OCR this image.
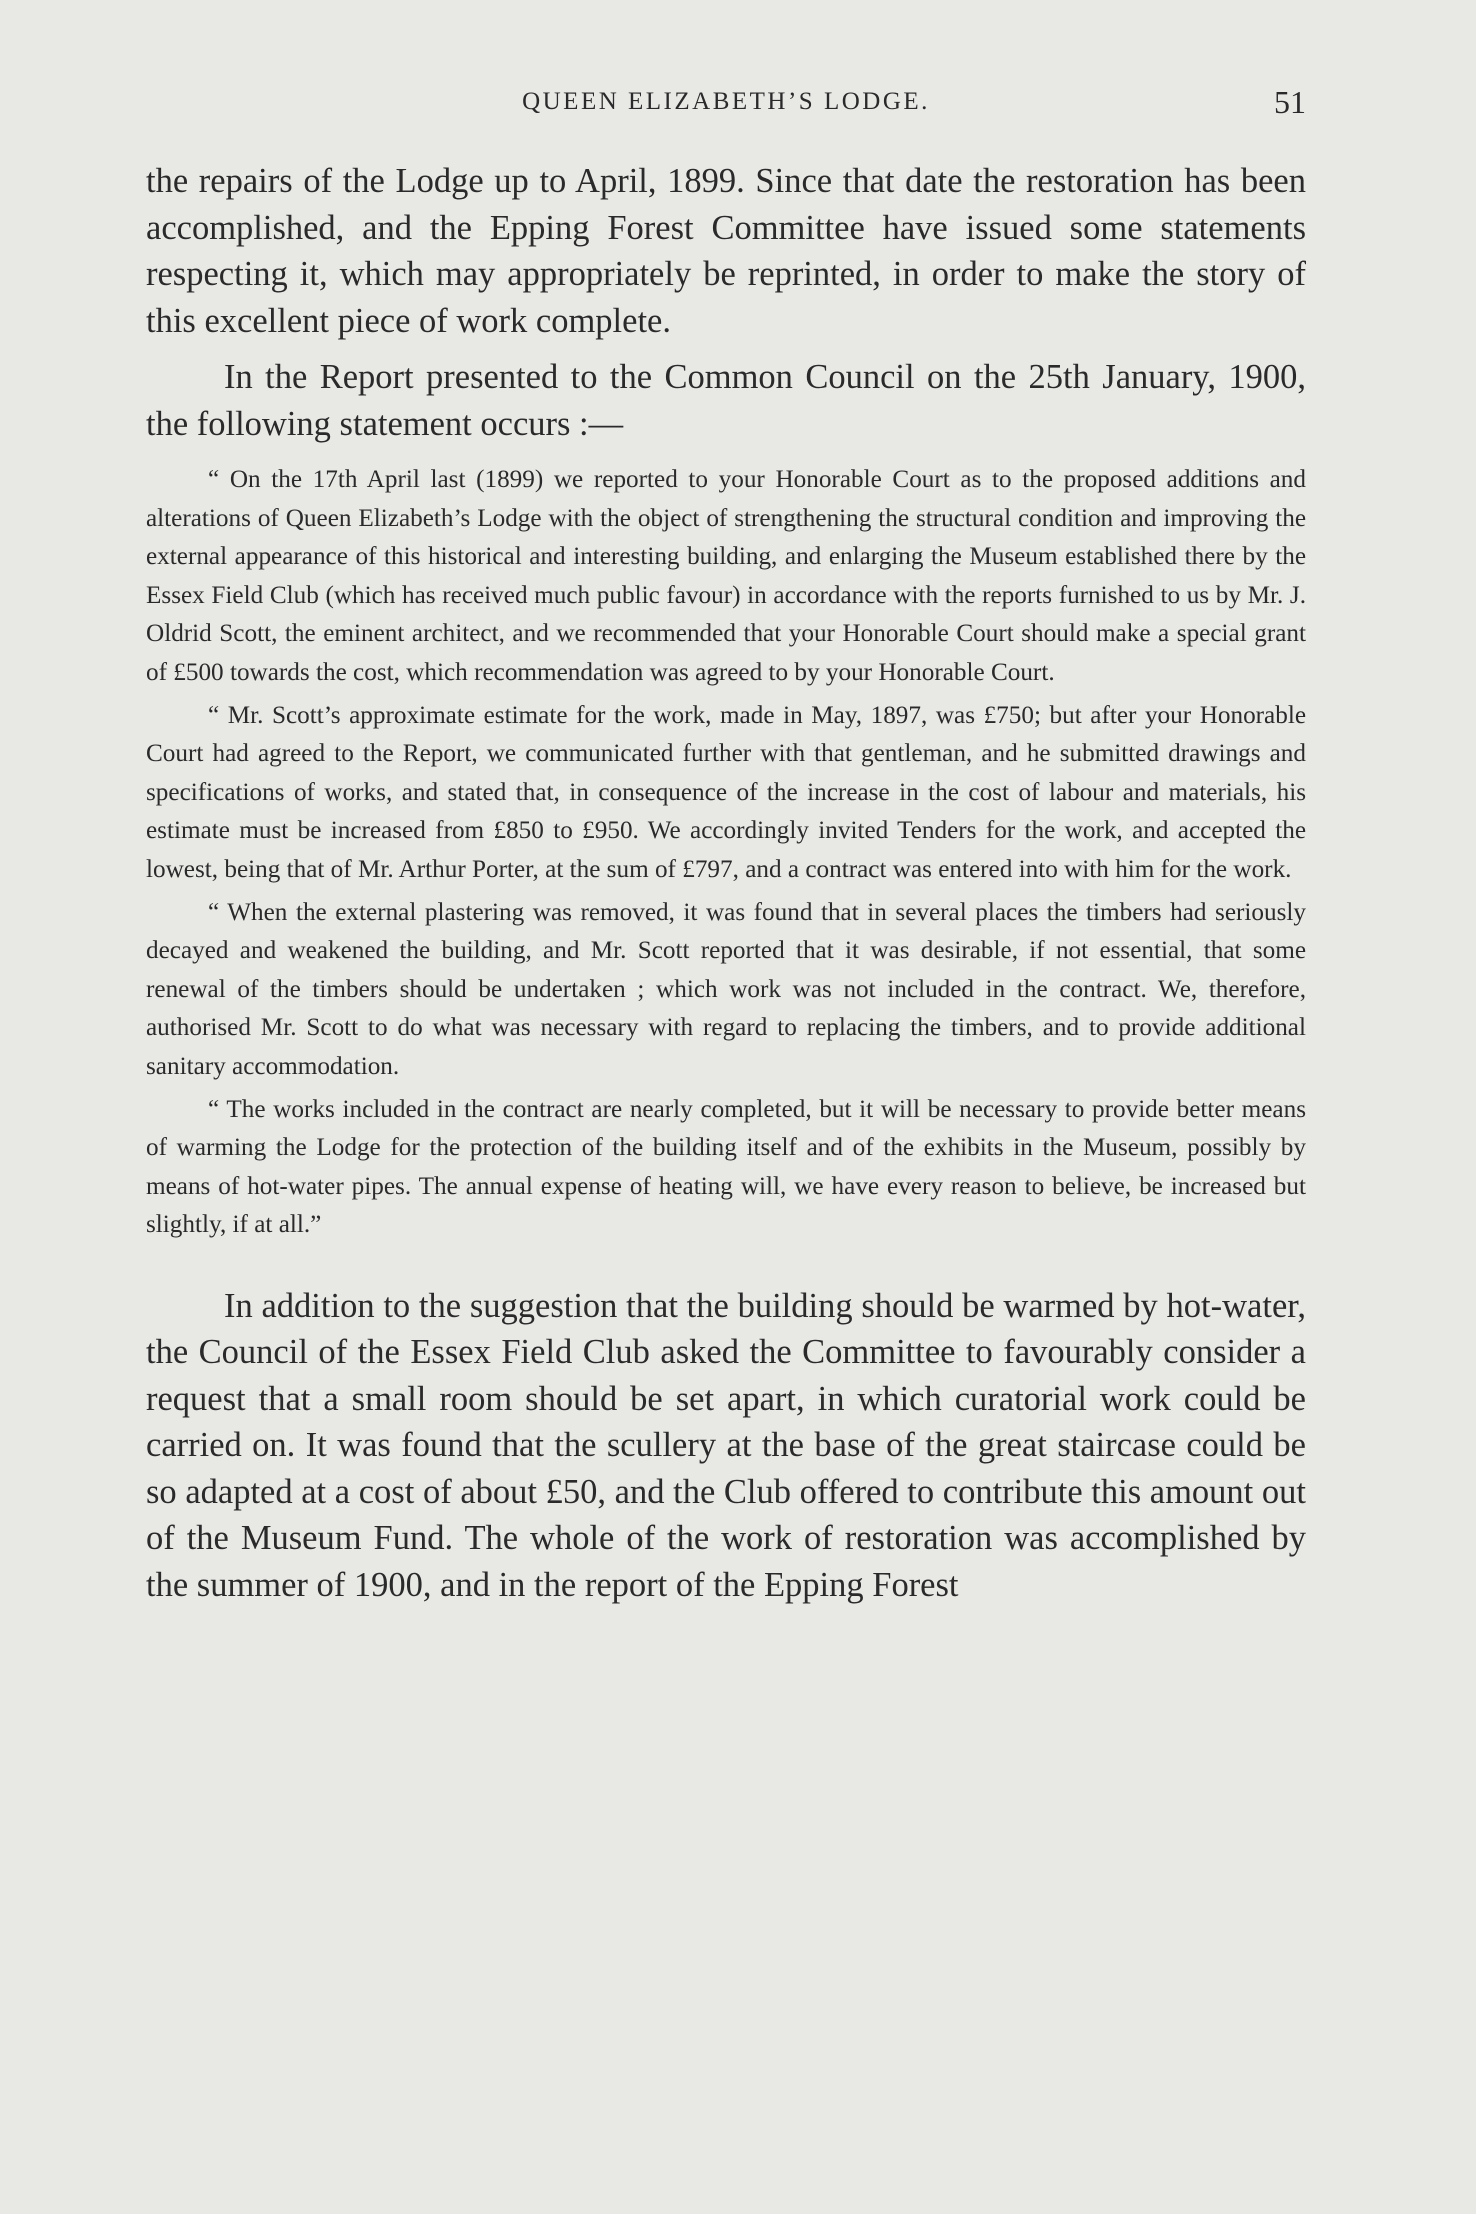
QUEEN ELIZABETH’S LODGE.	51

the repairs of the Lodge up to April, 1899. Since that date the restoration has been accomplished, and the Epping Forest Committee have issued some statements respecting it, which may appropriately be reprinted, in order to make the story of this excellent piece of work complete.

In the Report presented to the Common Council on the 25th January, 1900, the following statement occurs :—

“ On the 17th April last (1899) we reported to your Honorable Court as to the proposed additions and alterations of Queen Elizabeth’s Lodge with the object of strengthening the structural condition and improving the external appearance of this historical and interesting building, and enlarging the Museum established there by the Essex Field Club (which has received much public favour) in accordance with the reports furnished to us by Mr. J. Oldrid Scott, the eminent architect, and we recommended that your Honorable Court should make a special grant of £500 towards the cost, which recommendation was agreed to by your Honorable Court.

“ Mr. Scott’s approximate estimate for the work, made in May, 1897, was £750; but after your Honorable Court had agreed to the Report, we communicated further with that gentleman, and he submitted drawings and specifications of works, and stated that, in consequence of the increase in the cost of labour and materials, his estimate must be increased from £850 to £950. We accordingly invited Tenders for the work, and accepted the lowest, being that of Mr. Arthur Porter, at the sum of £797, and a contract was entered into with him for the work.

“ When the external plastering was removed, it was found that in several places the timbers had seriously decayed and weakened the building, and Mr. Scott reported that it was desirable, if not essential, that some renewal of the timbers should be undertaken ; which work was not included in the contract. We, therefore, authorised Mr. Scott to do what was necessary with regard to replacing the timbers, and to provide additional sanitary accommodation.

“ The works included in the contract are nearly completed, but it will be necessary to provide better means of warming the Lodge for the protection of the building itself and of the exhibits in the Museum, possibly by means of hot-water pipes. The annual expense of heating will, we have every reason to believe, be increased but slightly, if at all.”

In addition to the suggestion that the building should be warmed by hot-water, the Council of the Essex Field Club asked the Committee to favourably consider a request that a small room should be set apart, in which curatorial work could be carried on. It was found that the scullery at the base of the great staircase could be so adapted at a cost of about £50, and the Club offered to contribute this amount out of the Museum Fund. The whole of the work of restoration was accomplished by the summer of 1900, and in the report of the Epping Forest
